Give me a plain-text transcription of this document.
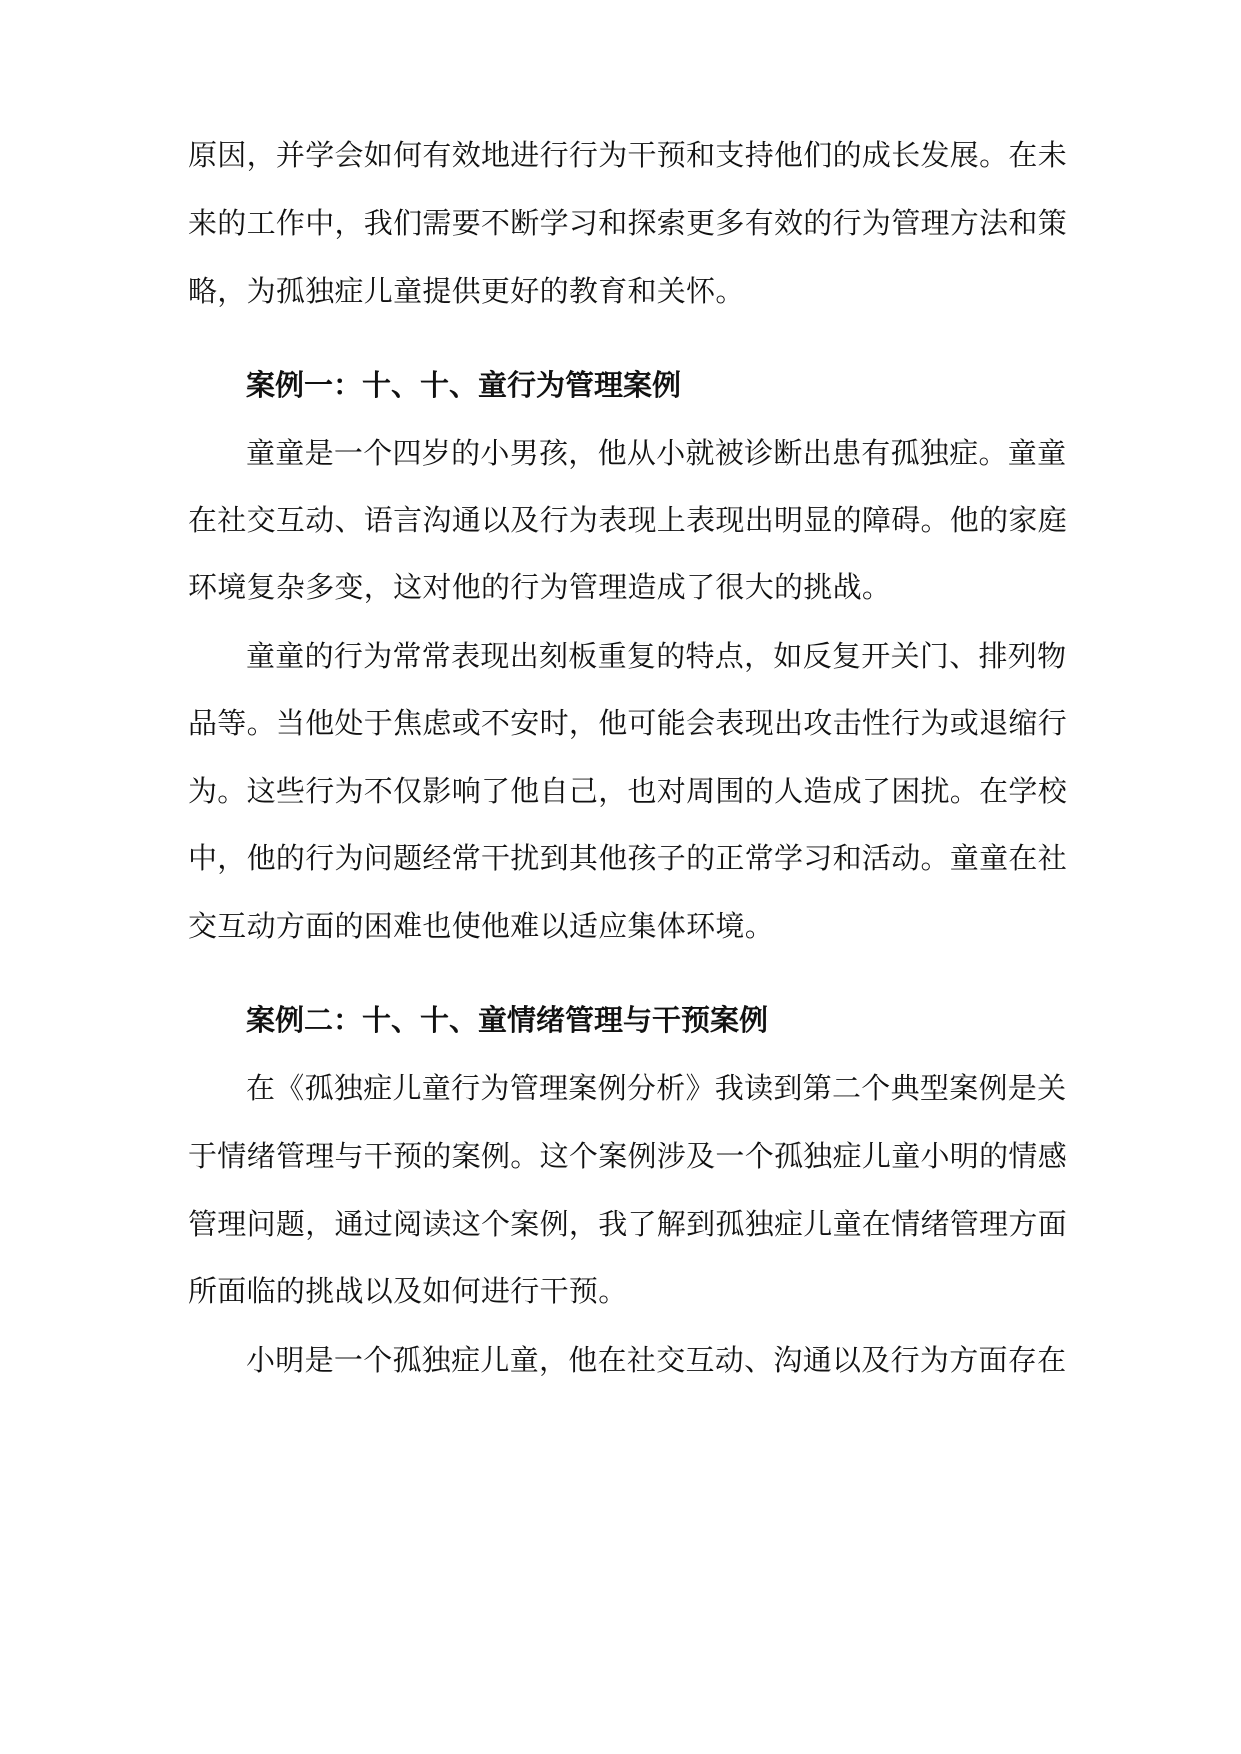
原因，并学会如何有效地进行行为干预和支持他们的成长发展。在未
来的工作中，我们需要不断学习和探索更多有效的行为管理方法和策
略，为孤独症儿童提供更好的教育和关怀。
案例一：十、十、童行为管理案例
童童是一个四岁的小男孩，他从小就被诊断出患有孤独症。童童
在社交互动、语言沟通以及行为表现上表现出明显的障碍。他的家庭
环境复杂多变，这对他的行为管理造成了很大的挑战。
童童的行为常常表现出刻板重复的特点，如反复开关门、排列物
品等。当他处于焦虑或不安时，他可能会表现出攻击性行为或退缩行
为。这些行为不仅影响了他自己，也对周围的人造成了困扰。在学校
中，他的行为问题经常干扰到其他孩子的正常学习和活动。童童在社
交互动方面的困难也使他难以适应集体环境。
案例二：十、十、童情绪管理与干预案例
在《孤独症儿童行为管理案例分析》我读到第二个典型案例是关
于情绪管理与干预的案例。这个案例涉及一个孤独症儿童小明的情感
管理问题，通过阅读这个案例，我了解到孤独症儿童在情绪管理方面
所面临的挑战以及如何进行干预。
小明是一个孤独症儿童，他在社交互动、沟通以及行为方面存在
